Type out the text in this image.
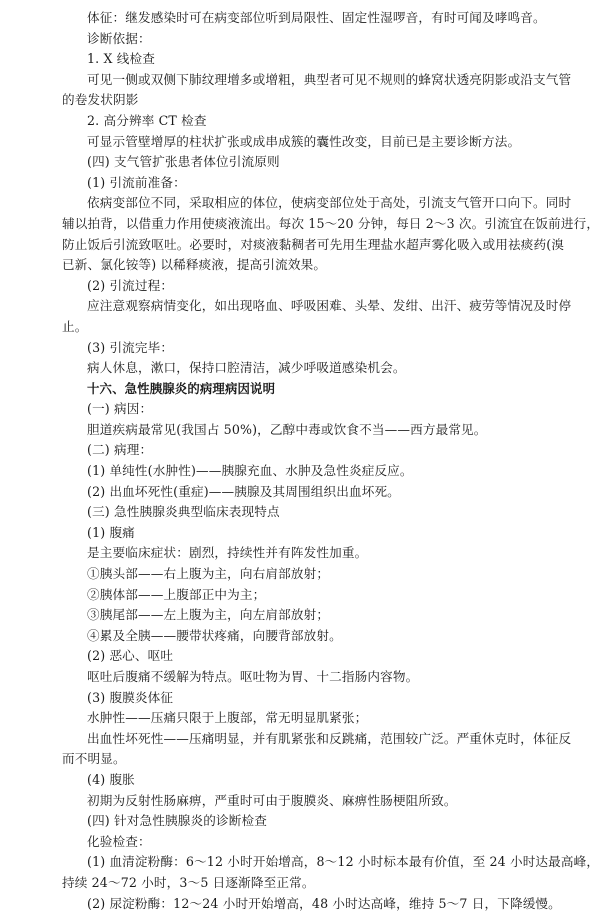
体征：继发感染时可在病变部位听到局限性、固定性湿啰音，有时可闻及哮鸣音。
诊断依据：
1. X 线检查
可见一侧或双侧下肺纹理增多或增粗，典型者可见不规则的蜂窝状透亮阴影或沿支气管
的卷发状阴影
2. 高分辨率 CT 检查
可显示管壁增厚的柱状扩张或成串成簇的囊性改变，目前已是主要诊断方法。
(四) 支气管扩张患者体位引流原则
(1) 引流前准备：
依病变部位不同，采取相应的体位，使病变部位处于高处，引流支气管开口向下。同时
辅以拍背，以借重力作用使痰液流出。每次 15～20 分钟，每日 2～3 次。引流宜在饭前进行，
防止饭后引流致呕吐。必要时，对痰液黏稠者可先用生理盐水超声雾化吸入或用祛痰药(溴
已新、氯化铵等) 以稀释痰液，提高引流效果。
(2) 引流过程：
应注意观察病情变化，如出现咯血、呼吸困难、头晕、发绀、出汗、疲劳等情况及时停
止。
(3) 引流完毕：
病人休息，漱口，保持口腔清洁，减少呼吸道感染机会。
十六、急性胰腺炎的病理病因说明
(一) 病因：
胆道疾病最常见(我国占 50%)，乙醇中毒或饮食不当——西方最常见。
(二) 病理：
(1) 单纯性(水肿性)——胰腺充血、水肿及急性炎症反应。
(2) 出血坏死性(重症)——胰腺及其周围组织出血坏死。
(三) 急性胰腺炎典型临床表现特点
(1) 腹痛
是主要临床症状：剧烈，持续性并有阵发性加重。
①胰头部——右上腹为主，向右肩部放射；
②胰体部——上腹部正中为主；
③胰尾部——左上腹为主，向左肩部放射；
④累及全胰——腰带状疼痛，向腰背部放射。
(2) 恶心、呕吐
呕吐后腹痛不缓解为特点。呕吐物为胃、十二指肠内容物。
(3) 腹膜炎体征
水肿性——压痛只限于上腹部，常无明显肌紧张；
出血性坏死性——压痛明显，并有肌紧张和反跳痛，范围较广泛。严重休克时，体征反
而不明显。
(4) 腹胀
初期为反射性肠麻痹，严重时可由于腹膜炎、麻痹性肠梗阻所致。
(四) 针对急性胰腺炎的诊断检查
化验检查：
(1) 血清淀粉酶：6～12 小时开始增高，8～12 小时标本最有价值，至 24 小时达最高峰，
持续 24～72 小时，3～5 日逐渐降至正常。
(2) 尿淀粉酶：12～24 小时开始增高，48 小时达高峰，维持 5～7 日，下降缓慢。
